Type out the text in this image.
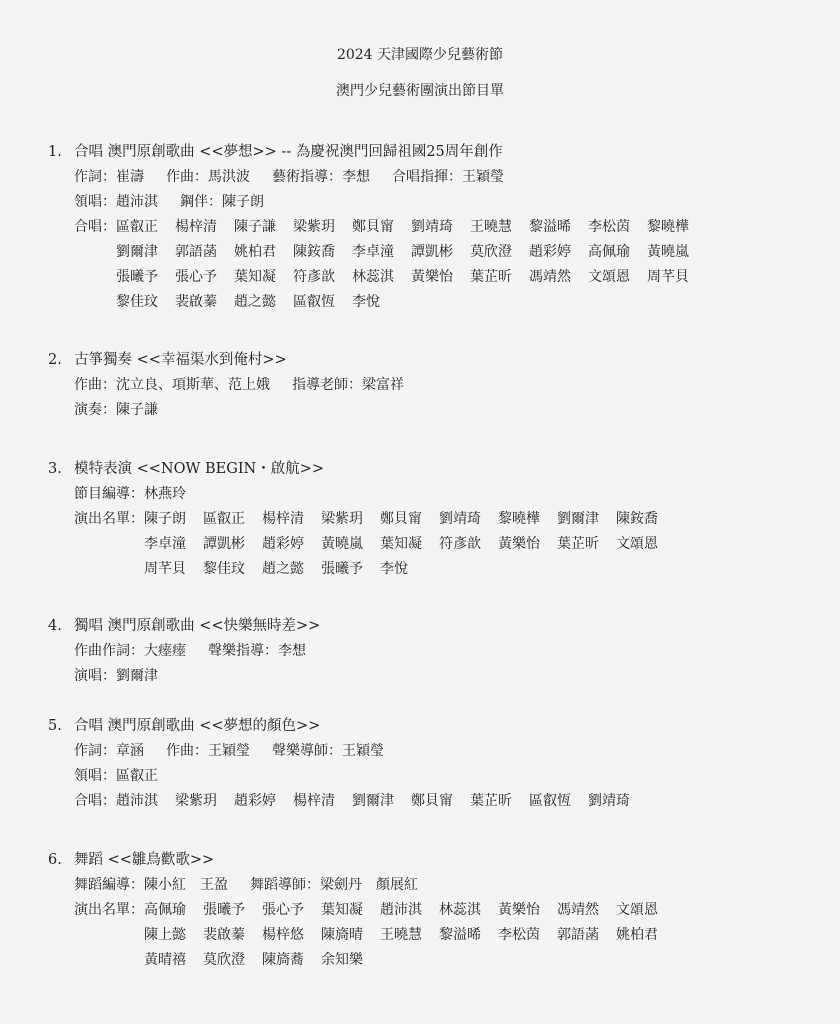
2024 天津國際少兒藝術節
澳門少兒藝術團演出節目單
1. 合唱 澳門原創歌曲 <<夢想>> -- 為慶祝澳門回歸祖國25周年創作
作詞：崔濤 作曲：馬洪波 藝術指導：李想 合唱指揮：王穎瑩
領唱：趙沛淇 鋼伴：陳子朗
合唱：區叡正 楊梓清 陳子謙 梁紫玥 鄭貝甯 劉靖琦 王曉慧 黎溢晞 李松茵 黎曉樺
劉爾津 郭語菡 姚柏君 陳銨喬 李卓潼 譚凱彬 莫欣澄 趙彩婷 高佩瑜 黃曉嵐
張曦予 張心予 葉知凝 符彥歆 林蕊淇 黃樂怡 葉芷昕 馮靖然 文頌恩 周芊貝
黎佳玟 裴啟蓁 趙之懿 區叡恆 李悅
2. 古箏獨奏 <<幸福渠水到俺村>>
作曲：沈立良、項斯華、范上娥 指導老師：梁富祥
演奏：陳子謙
3. 模特表演 <<NOW BEGIN・啟航>>
節目編導：林燕玲
演出名單：陳子朗 區叡正 楊梓清 梁紫玥 鄭貝甯 劉靖琦 黎曉樺 劉爾津 陳銨喬
李卓潼 譚凱彬 趙彩婷 黃曉嵐 葉知凝 符彥歆 黃樂怡 葉芷昕 文頌恩
周芊貝 黎佳玟 趙之懿 張曦予 李悅
4. 獨唱 澳門原創歌曲 <<快樂無時差>>
作曲作詞：大瘗瘗 聲樂指導：李想
演唱：劉爾津
5. 合唱 澳門原創歌曲 <<夢想的顏色>>
作詞：章涵 作曲：王穎瑩 聲樂導師：王穎瑩
領唱：區叡正
合唱：趙沛淇 梁紫玥 趙彩婷 楊梓清 劉爾津 鄭貝甯 葉芷昕 區叡恆 劉靖琦
6. 舞蹈 <<雛鳥歡歌>>
舞蹈編導：陳小紅　王盈 舞蹈導師：梁劍丹　顏展紅
演出名單：高佩瑜 張曦予 張心予 葉知凝 趙沛淇 林蕊淇 黃樂怡 馮靖然 文頌恩
陳上懿 裴啟蓁 楊梓悠 陳旖晴 王曉慧 黎溢晞 李松茵 郭語菡 姚柏君
黃晴禧 莫欣澄 陳旖蕎 余知樂
